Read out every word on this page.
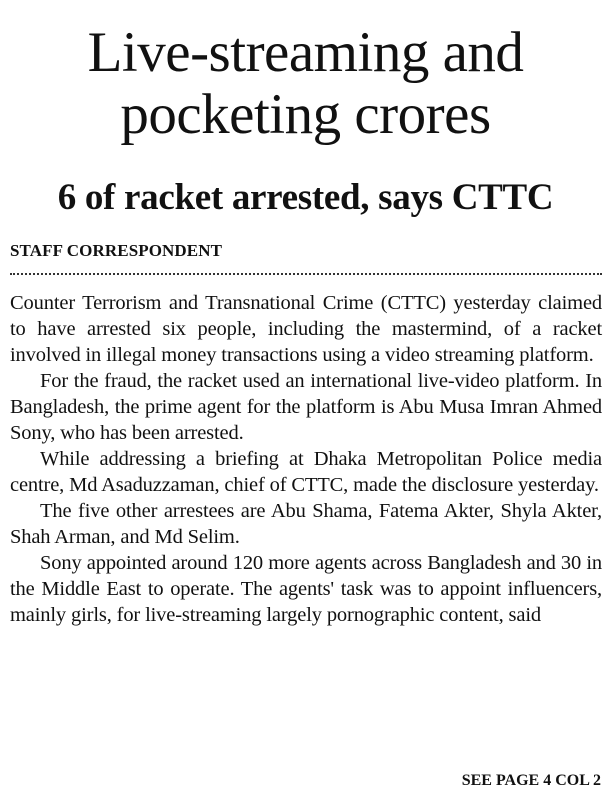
Live-streaming and
pocketing crores
6 of racket arrested, says CTTC
STAFF CORRESPONDENT

Counter Terrorism and Transnational Crime (CTTC) yesterday claimed to have arrested six people, including the mastermind, of a racket involved in illegal money transactions using a video streaming platform.

For the fraud, the racket used an international live-video platform. In Bangladesh, the prime agent for the platform is Abu Musa Imran Ahmed Sony, who has been arrested.

While addressing a briefing at Dhaka Metropolitan Police media centre, Md Asaduzzaman, chief of CTTC, made the disclosure yesterday.

The five other arrestees are Abu Shama, Fatema Akter, Shyla Akter, Shah Arman, and Md Selim.

Sony appointed around 120 more agents across Bangladesh and 30 in the Middle East to operate. The agents' task was to appoint influencers, mainly girls, for live-streaming largely pornographic content, said

SEE PAGE 4 COL 2
